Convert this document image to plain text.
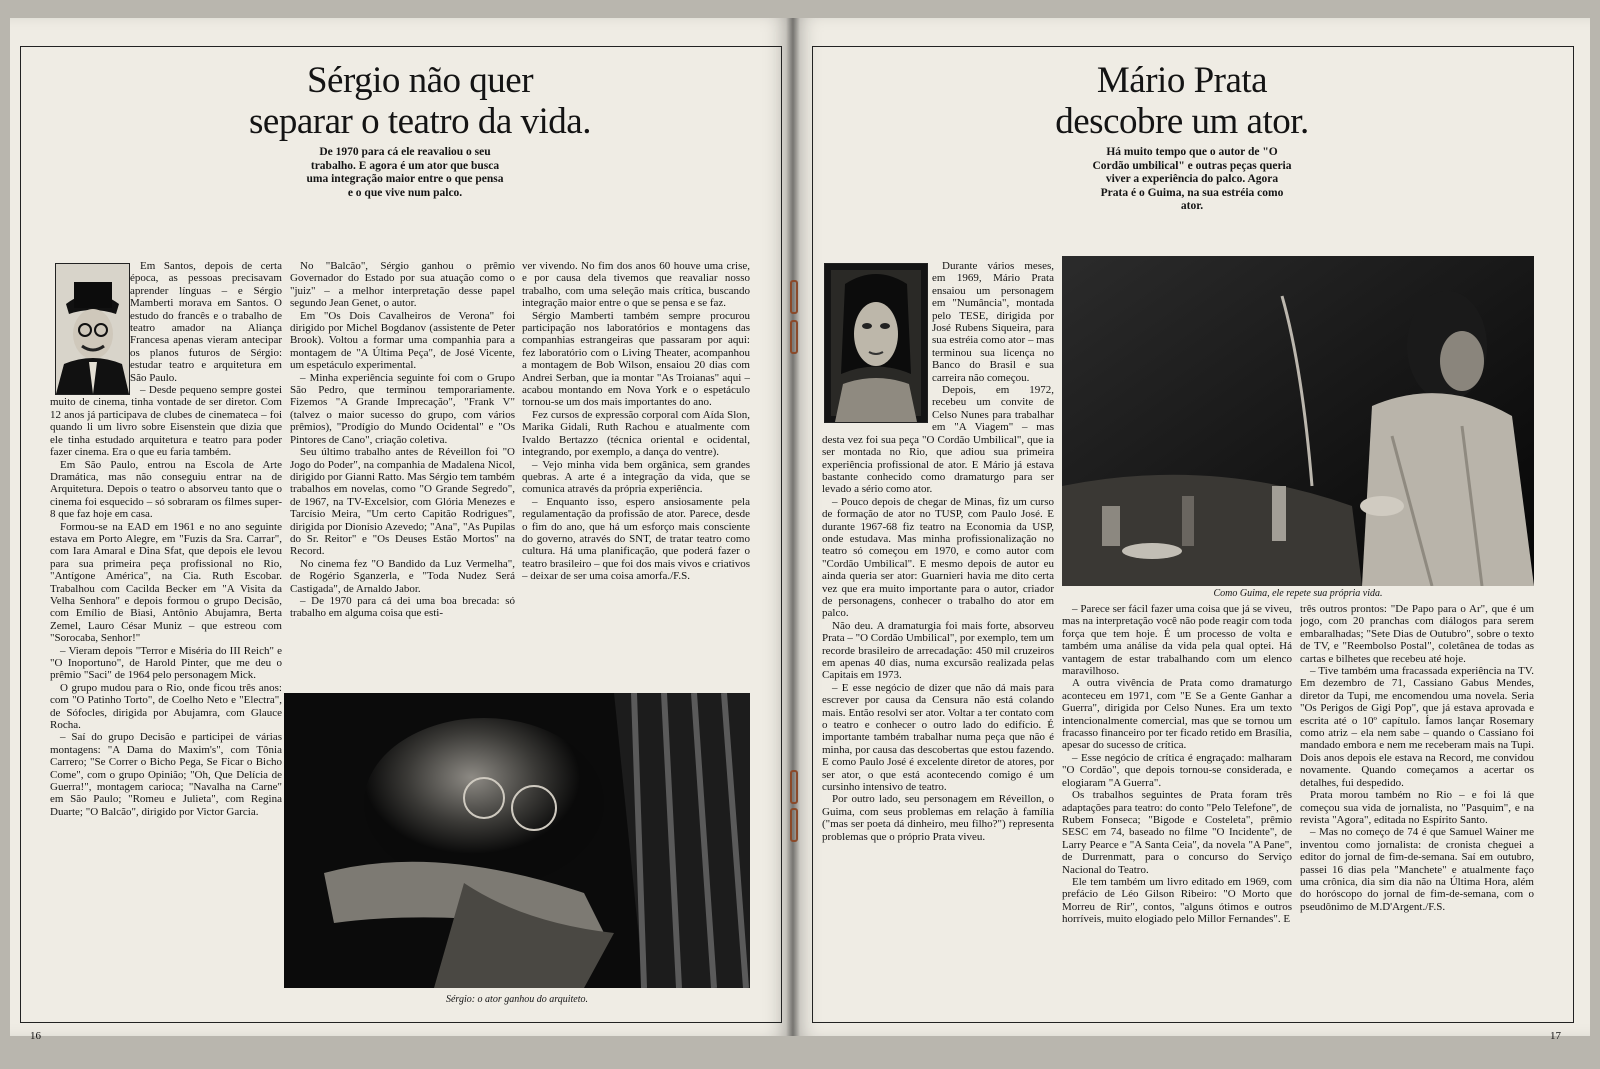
Sérgio não quer
separar o teatro da vida.

De 1970 para cá ele reavaliou o seu trabalho. E agora é um ator que busca uma integração maior entre o que pensa e o que vive num palco.

Em Santos, depois de certa época, as pessoas precisavam aprender línguas – e Sérgio Mamberti morava em Santos. O estudo do francês e o trabalho de teatro amador na Aliança Francesa apenas vieram antecipar os planos futuros de Sérgio: estudar teatro e arquitetura em São Paulo.

– Desde pequeno sempre gostei muito de cinema, tinha vontade de ser diretor. Com 12 anos já participava de clubes de cinemateca – foi quando li um livro sobre Eisenstein que dizia que ele tinha estudado arquitetura e teatro para poder fazer cinema. Era o que eu faria também.

Em São Paulo, entrou na Escola de Arte Dramática, mas não conseguiu entrar na de Arquitetura. Depois o teatro o absorveu tanto que o cinema foi esquecido – só sobraram os filmes super-8 que faz hoje em casa.

Formou-se na EAD em 1961 e no ano seguinte estava em Porto Alegre, em "Fuzis da Sra. Carrar", com Iara Amaral e Dina Sfat, que depois ele levou para sua primeira peça profissional no Rio, "Antígone América", na Cia. Ruth Escobar. Trabalhou com Cacilda Becker em "A Visita da Velha Senhora" e depois formou o grupo Decisão, com Emílio de Biasi, Antônio Abujamra, Berta Zemel, Lauro César Muniz – que estreou com "Sorocaba, Senhor!"

– Vieram depois "Terror e Miséria do III Reich" e "O Inoportuno", de Harold Pinter, que me deu o prêmio "Saci" de 1964 pelo personagem Mick.

O grupo mudou para o Rio, onde ficou três anos: com "O Patinho Torto", de Coelho Neto e "Electra", de Sófocles, dirigida por Abujamra, com Glauce Rocha.

– Saí do grupo Decisão e participei de várias montagens: "A Dama do Maxim's", com Tônia Carrero; "Se Correr o Bicho Pega, Se Ficar o Bicho Come", com o grupo Opinião; "Oh, Que Delícia de Guerra!", montagem carioca; "Navalha na Carne" em São Paulo; "Romeu e Julieta", com Regina Duarte; "O Balcão", dirigido por Victor Garcia.

No "Balcão", Sérgio ganhou o prêmio Governador do Estado por sua atuação como o "juiz" – a melhor interpretação desse papel segundo Jean Genet, o autor.

Em "Os Dois Cavalheiros de Verona" foi dirigido por Michel Bogdanov (assistente de Peter Brook). Voltou a formar uma companhia para a montagem de "A Última Peça", de José Vicente, um espetáculo experimental.

– Minha experiência seguinte foi com o Grupo São Pedro, que terminou temporariamente. Fizemos "A Grande Imprecação", "Frank V" (talvez o maior sucesso do grupo, com vários prêmios), "Prodígio do Mundo Ocidental" e "Os Pintores de Cano", criação coletiva.

Seu último trabalho antes de Réveillon foi "O Jogo do Poder", na companhia de Madalena Nicol, dirigido por Gianni Ratto. Mas Sérgio tem também trabalhos em novelas, como "O Grande Segredo", de 1967, na TV-Excelsior, com Glória Menezes e Tarcísio Meira, "Um certo Capitão Rodrigues", dirigida por Dionísio Azevedo; "Ana", "As Pupilas do Sr. Reitor" e "Os Deuses Estão Mortos" na Record.

No cinema fez "O Bandido da Luz Vermelha", de Rogério Sganzerla, e "Toda Nudez Será Castigada", de Arnaldo Jabor.

– De 1970 para cá dei uma boa brecada: só trabalho em alguma coisa que esti-

ver vivendo. No fim dos anos 60 houve uma crise, e por causa dela tivemos que reavaliar nosso trabalho, com uma seleção mais crítica, buscando integração maior entre o que se pensa e se faz.

Sérgio Mamberti também sempre procurou participação nos laboratórios e montagens das companhias estrangeiras que passaram por aqui: fez laboratório com o Living Theater, acompanhou a montagem de Bob Wilson, ensaiou 20 dias com Andrei Serban, que ia montar "As Troianas" aqui – acabou montando em Nova York e o espetáculo tornou-se um dos mais importantes do ano.

Fez cursos de expressão corporal com Aída Slon, Marika Gidali, Ruth Rachou e atualmente com Ivaldo Bertazzo (técnica oriental e ocidental, integrando, por exemplo, a dança do ventre).

– Vejo minha vida bem orgânica, sem grandes quebras. A arte é a integração da vida, que se comunica através da própria experiência.

– Enquanto isso, espero ansiosamente pela regulamentação da profissão de ator. Parece, desde o fim do ano, que há um esforço mais consciente do governo, através do SNT, de tratar teatro como cultura. Há uma planificação, que poderá fazer o teatro brasileiro – que foi dos mais vivos e criativos – deixar de ser uma coisa amorfa./F.S.

Sérgio: o ator ganhou do arquiteto.

16
Mário Prata
descobre um ator.

Há muito tempo que o autor de "O Cordão umbilical" e outras peças queria viver a experiência do palco. Agora Prata é o Guima, na sua estréia como ator.

Durante vários meses, em 1969, Mário Prata ensaiou um personagem em "Numância", montada pelo TESE, dirigida por José Rubens Siqueira, para sua estréia como ator – mas terminou sua licença no Banco do Brasil e sua carreira não começou.

Depois, em 1972, recebeu um convite de Celso Nunes para trabalhar em "A Viagem" – mas desta vez foi sua peça "O Cordão Umbilical", que ia ser montada no Rio, que adiou sua primeira experiência profissional de ator. E Mário já estava bastante conhecido como dramaturgo para ser levado a sério como ator.

– Pouco depois de chegar de Minas, fiz um curso de formação de ator no TUSP, com Paulo José. E durante 1967-68 fiz teatro na Economia da USP, onde estudava. Mas minha profissionalização no teatro só começou em 1970, e como autor com "Cordão Umbilical". E mesmo depois de autor eu ainda queria ser ator: Guarnieri havia me dito certa vez que era muito importante para o autor, criador de personagens, conhecer o trabalho do ator em palco.

Não deu. A dramaturgia foi mais forte, absorveu Prata – "O Cordão Umbilical", por exemplo, tem um recorde brasileiro de arrecadação: 450 mil cruzeiros em apenas 40 dias, numa excursão realizada pelas Capitais em 1973.

– E esse negócio de dizer que não dá mais para escrever por causa da Censura não está colando mais. Então resolvi ser ator. Voltar a ter contato com o teatro e conhecer o outro lado do edifício. É importante também trabalhar numa peça que não é minha, por causa das descobertas que estou fazendo. E como Paulo José é excelente diretor de atores, por ser ator, o que está acontecendo comigo é um cursinho intensivo de teatro.

Por outro lado, seu personagem em Réveillon, o Guima, com seus problemas em relação à família ("mas ser poeta dá dinheiro, meu filho?") representa problemas que o próprio Prata viveu.

Como Guima, ele repete sua própria vida.

– Parece ser fácil fazer uma coisa que já se viveu, mas na interpretação você não pode reagir com toda força que tem hoje. É um processo de volta e também uma análise da vida pela qual optei. Há vantagem de estar trabalhando com um elenco maravilhoso.

A outra vivência de Prata como dramaturgo aconteceu em 1971, com "E Se a Gente Ganhar a Guerra", dirigida por Celso Nunes. Era um texto intencionalmente comercial, mas que se tornou um fracasso financeiro por ter ficado retido em Brasília, apesar do sucesso de crítica.

– Esse negócio de crítica é engraçado: malharam "O Cordão", que depois tornou-se considerada, e elogiaram "A Guerra".

Os trabalhos seguintes de Prata foram três adaptações para teatro: do conto "Pelo Telefone", de Rubem Fonseca; "Bigode e Costeleta", prêmio SESC em 74, baseado no filme "O Incidente", de Larry Pearce e "A Santa Ceia", da novela "A Pane", de Durrenmatt, para o concurso do Serviço Nacional do Teatro.

Ele tem também um livro editado em 1969, com prefácio de Léo Gilson Ribeiro: "O Morto que Morreu de Rir", contos, "alguns ótimos e outros horríveis, muito elogiado pelo Millor Fernandes". E

três outros prontos: "De Papo para o Ar", que é um jogo, com 20 pranchas com diálogos para serem embaralhadas; "Sete Dias de Outubro", sobre o texto de TV, e "Reembolso Postal", coletânea de todas as cartas e bilhetes que recebeu até hoje.

– Tive também uma fracassada experiência na TV. Em dezembro de 71, Cassiano Gabus Mendes, diretor da Tupi, me encomendou uma novela. Seria "Os Perigos de Gigi Pop", que já estava aprovada e escrita até o 10º capítulo. Íamos lançar Rosemary como atriz – ela nem sabe – quando o Cassiano foi mandado embora e nem me receberam mais na Tupi. Dois anos depois ele estava na Record, me convidou novamente. Quando começamos a acertar os detalhes, fui despedido.

Prata morou também no Rio – e foi lá que começou sua vida de jornalista, no "Pasquim", e na revista "Agora", editada no Espírito Santo.

– Mas no começo de 74 é que Samuel Wainer me inventou como jornalista: de cronista cheguei a editor do jornal de fim-de-semana. Saí em outubro, passei 16 dias pela "Manchete" e atualmente faço uma crônica, dia sim dia não na Última Hora, além do horóscopo do jornal de fim-de-semana, com o pseudônimo de M.D'Argent./F.S.

17
